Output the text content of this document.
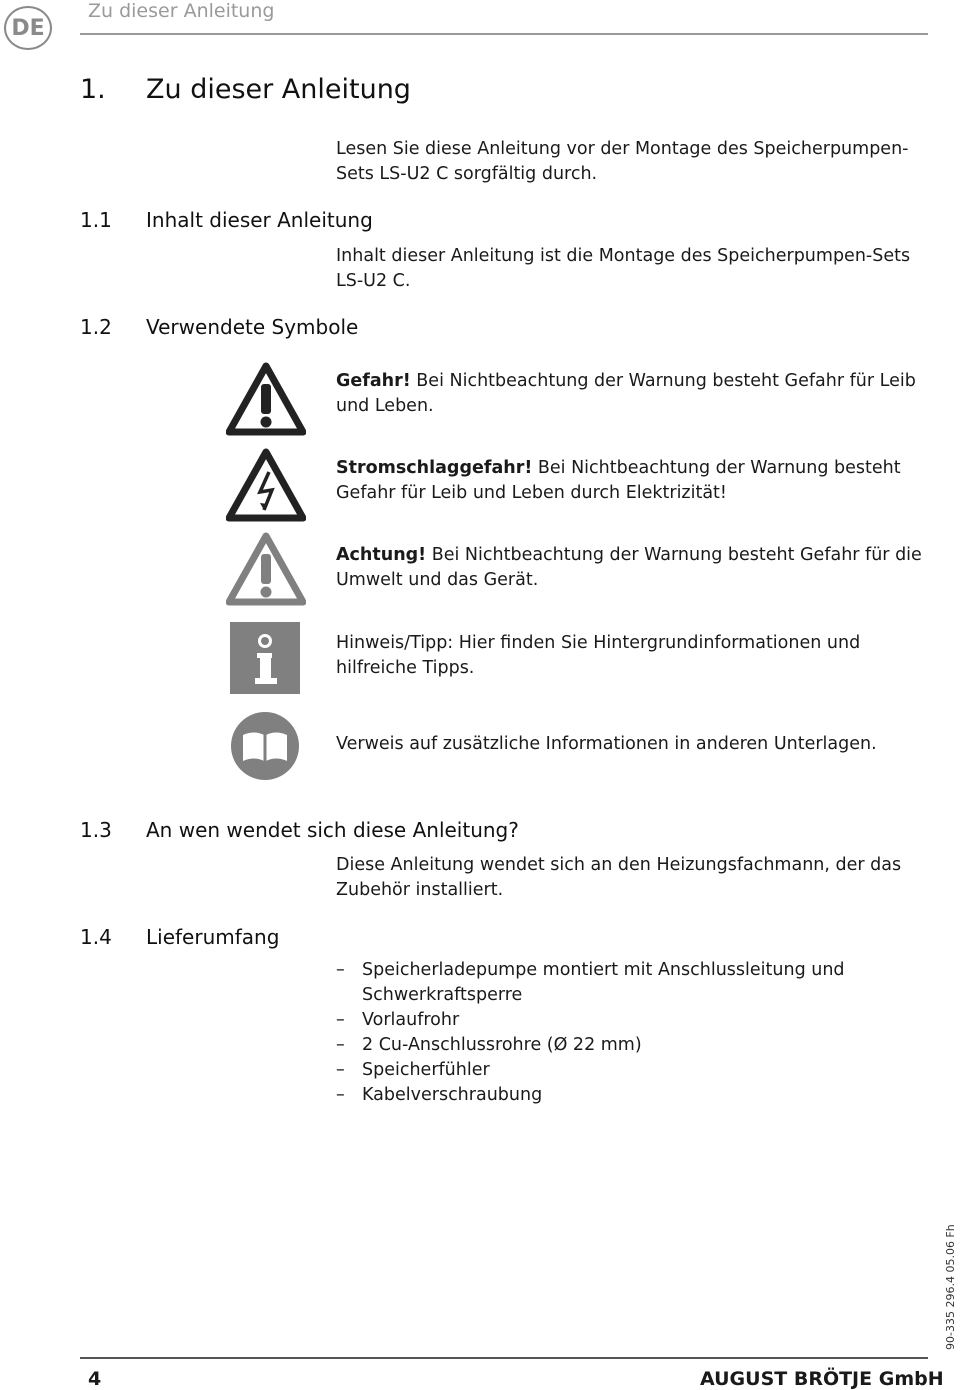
DE
Zu dieser Anleitung
1. Zu dieser Anleitung
Lesen Sie diese Anleitung vor der Montage des Speicherpumpen-Sets LS-U2 C sorgfältig durch.
1.1 Inhalt dieser Anleitung
Inhalt dieser Anleitung ist die Montage des Speicherpumpen-Sets LS-U2 C.
1.2 Verwendete Symbole
Gefahr! Bei Nichtbeachtung der Warnung besteht Gefahr für Leib und Leben.
Stromschlaggefahr! Bei Nichtbeachtung der Warnung besteht Gefahr für Leib und Leben durch Elektrizität!
Achtung! Bei Nichtbeachtung der Warnung besteht Gefahr für die Umwelt und das Gerät.
Hinweis/Tipp: Hier finden Sie Hintergrundinformationen und hilfreiche Tipps.
Verweis auf zusätzliche Informationen in anderen Unterlagen.
1.3 An wen wendet sich diese Anleitung?
Diese Anleitung wendet sich an den Heizungsfachmann, der das Zubehör installiert.
1.4 Lieferumfang
– Speicherladepumpe montiert mit Anschlussleitung und Schwerkraftsperre
– Vorlaufrohr
– 2 Cu-Anschlussrohre (Ø 22 mm)
– Speicherfühler
– Kabelverschraubung
90-335 296.4 05.06 Fh
4	AUGUST BRÖTJE GmbH
